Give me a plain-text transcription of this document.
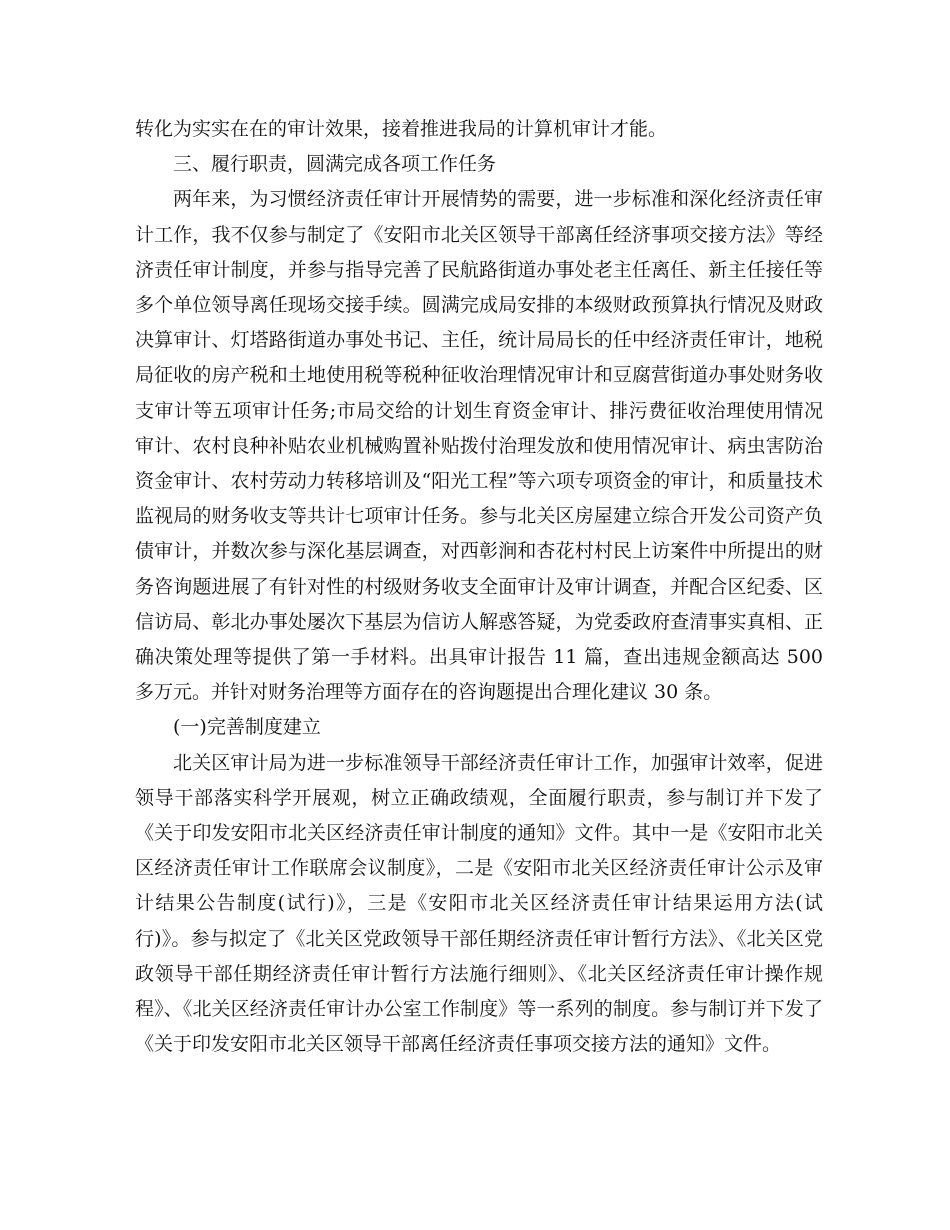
转化为实实在在的审计效果，接着推进我局的计算机审计才能。

三、履行职责，圆满完成各项工作任务

两年来，为习惯经济责任审计开展情势的需要，进一步标准和深化经济责任审计工作，我不仅参与制定了《安阳市北关区领导干部离任经济事项交接方法》等经济责任审计制度，并参与指导完善了民航路街道办事处老主任离任、新主任接任等多个单位领导离任现场交接手续。圆满完成局安排的本级财政预算执行情况及财政决算审计、灯塔路街道办事处书记、主任，统计局局长的任中经济责任审计，地税局征收的房产税和土地使用税等税种征收治理情况审计和豆腐营街道办事处财务收支审计等五项审计任务;市局交给的计划生育资金审计、排污费征收治理使用情况审计、农村良种补贴农业机械购置补贴拨付治理发放和使用情况审计、病虫害防治资金审计、农村劳动力转移培训及“阳光工程”等六项专项资金的审计，和质量技术监视局的财务收支等共计七项审计任务。参与北关区房屋建立综合开发公司资产负债审计，并数次参与深化基层调查，对西彰涧和杏花村村民上访案件中所提出的财务咨询题进展了有针对性的村级财务收支全面审计及审计调查，并配合区纪委、区信访局、彰北办事处屡次下基层为信访人解惑答疑，为党委政府查清事实真相、正确决策处理等提供了第一手材料。出具审计报告 11 篇，查出违规金额高达 500 多万元。并针对财务治理等方面存在的咨询题提出合理化建议 30 条。

(一)完善制度建立

北关区审计局为进一步标准领导干部经济责任审计工作，加强审计效率，促进领导干部落实科学开展观，树立正确政绩观，全面履行职责，参与制订并下发了《关于印发安阳市北关区经济责任审计制度的通知》文件。其中一是《安阳市北关区经济责任审计工作联席会议制度》，二是《安阳市北关区经济责任审计公示及审计结果公告制度(试行)》，三是《安阳市北关区经济责任审计结果运用方法(试行)》。参与拟定了《北关区党政领导干部任期经济责任审计暂行方法》、《北关区党政领导干部任期经济责任审计暂行方法施行细则》、《北关区经济责任审计操作规程》、《北关区经济责任审计办公室工作制度》等一系列的制度。参与制订并下发了《关于印发安阳市北关区领导干部离任经济责任事项交接方法的通知》文件。
